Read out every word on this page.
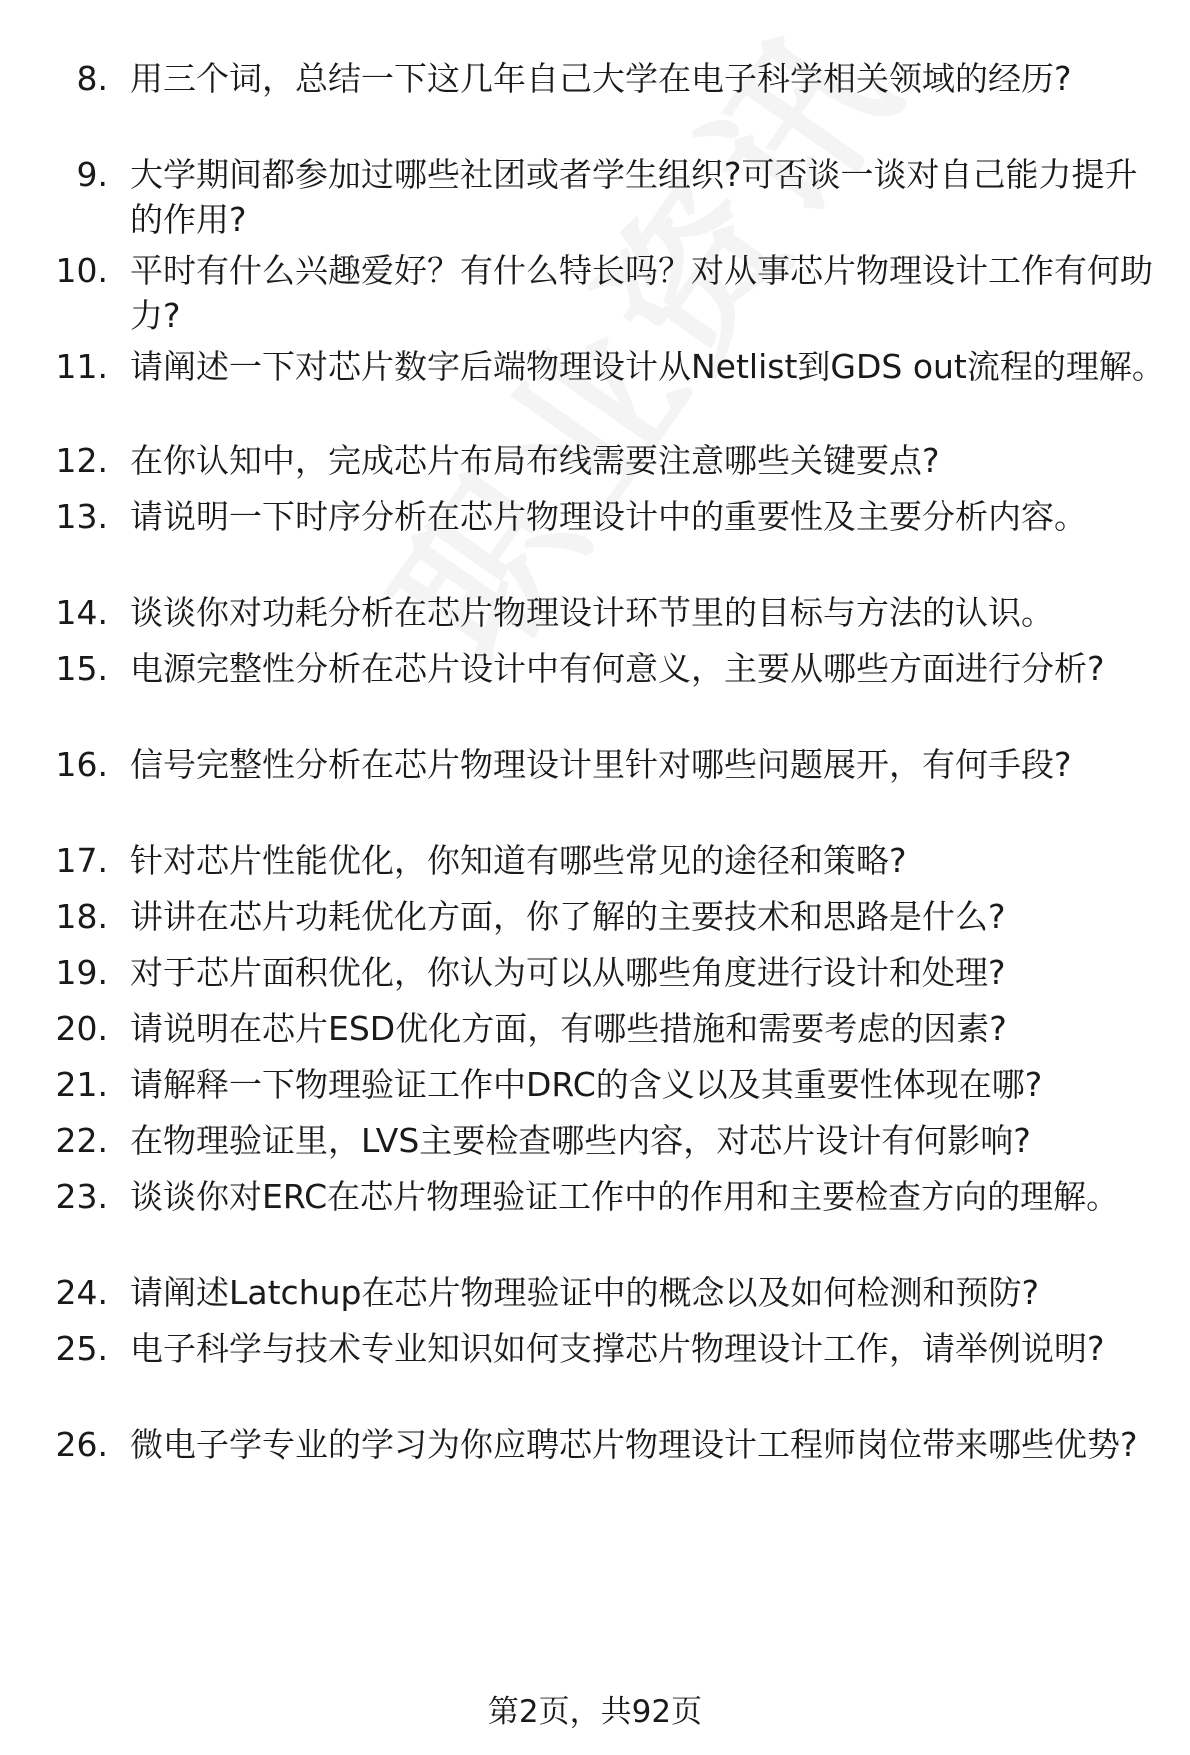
8. 用三个词，总结一下这几年自己大学在电子科学相关领域的经历?
9. 大学期间都参加过哪些社团或者学生组织?可否谈一谈对自己能力提升的作用?
10. 平时有什么兴趣爱好？有什么特长吗？对从事芯片物理设计工作有何助力?
11. 请阐述一下对芯片数字后端物理设计从Netlist到GDS out流程的理解。
12. 在你认知中，完成芯片布局布线需要注意哪些关键要点?
13. 请说明一下时序分析在芯片物理设计中的重要性及主要分析内容。
14. 谈谈你对功耗分析在芯片物理设计环节里的目标与方法的认识。
15. 电源完整性分析在芯片设计中有何意义，主要从哪些方面进行分析?
16. 信号完整性分析在芯片物理设计里针对哪些问题展开，有何手段?
17. 针对芯片性能优化，你知道有哪些常见的途径和策略?
18. 讲讲在芯片功耗优化方面，你了解的主要技术和思路是什么?
19. 对于芯片面积优化，你认为可以从哪些角度进行设计和处理?
20. 请说明在芯片ESD优化方面，有哪些措施和需要考虑的因素?
21. 请解释一下物理验证工作中DRC的含义以及其重要性体现在哪?
22. 在物理验证里，LVS主要检查哪些内容，对芯片设计有何影响?
23. 谈谈你对ERC在芯片物理验证工作中的作用和主要检查方向的理解。
24. 请阐述Latchup在芯片物理验证中的概念以及如何检测和预防?
25. 电子科学与技术专业知识如何支撑芯片物理设计工作，请举例说明?
26. 微电子学专业的学习为你应聘芯片物理设计工程师岗位带来哪些优势?
第2页，共92页
